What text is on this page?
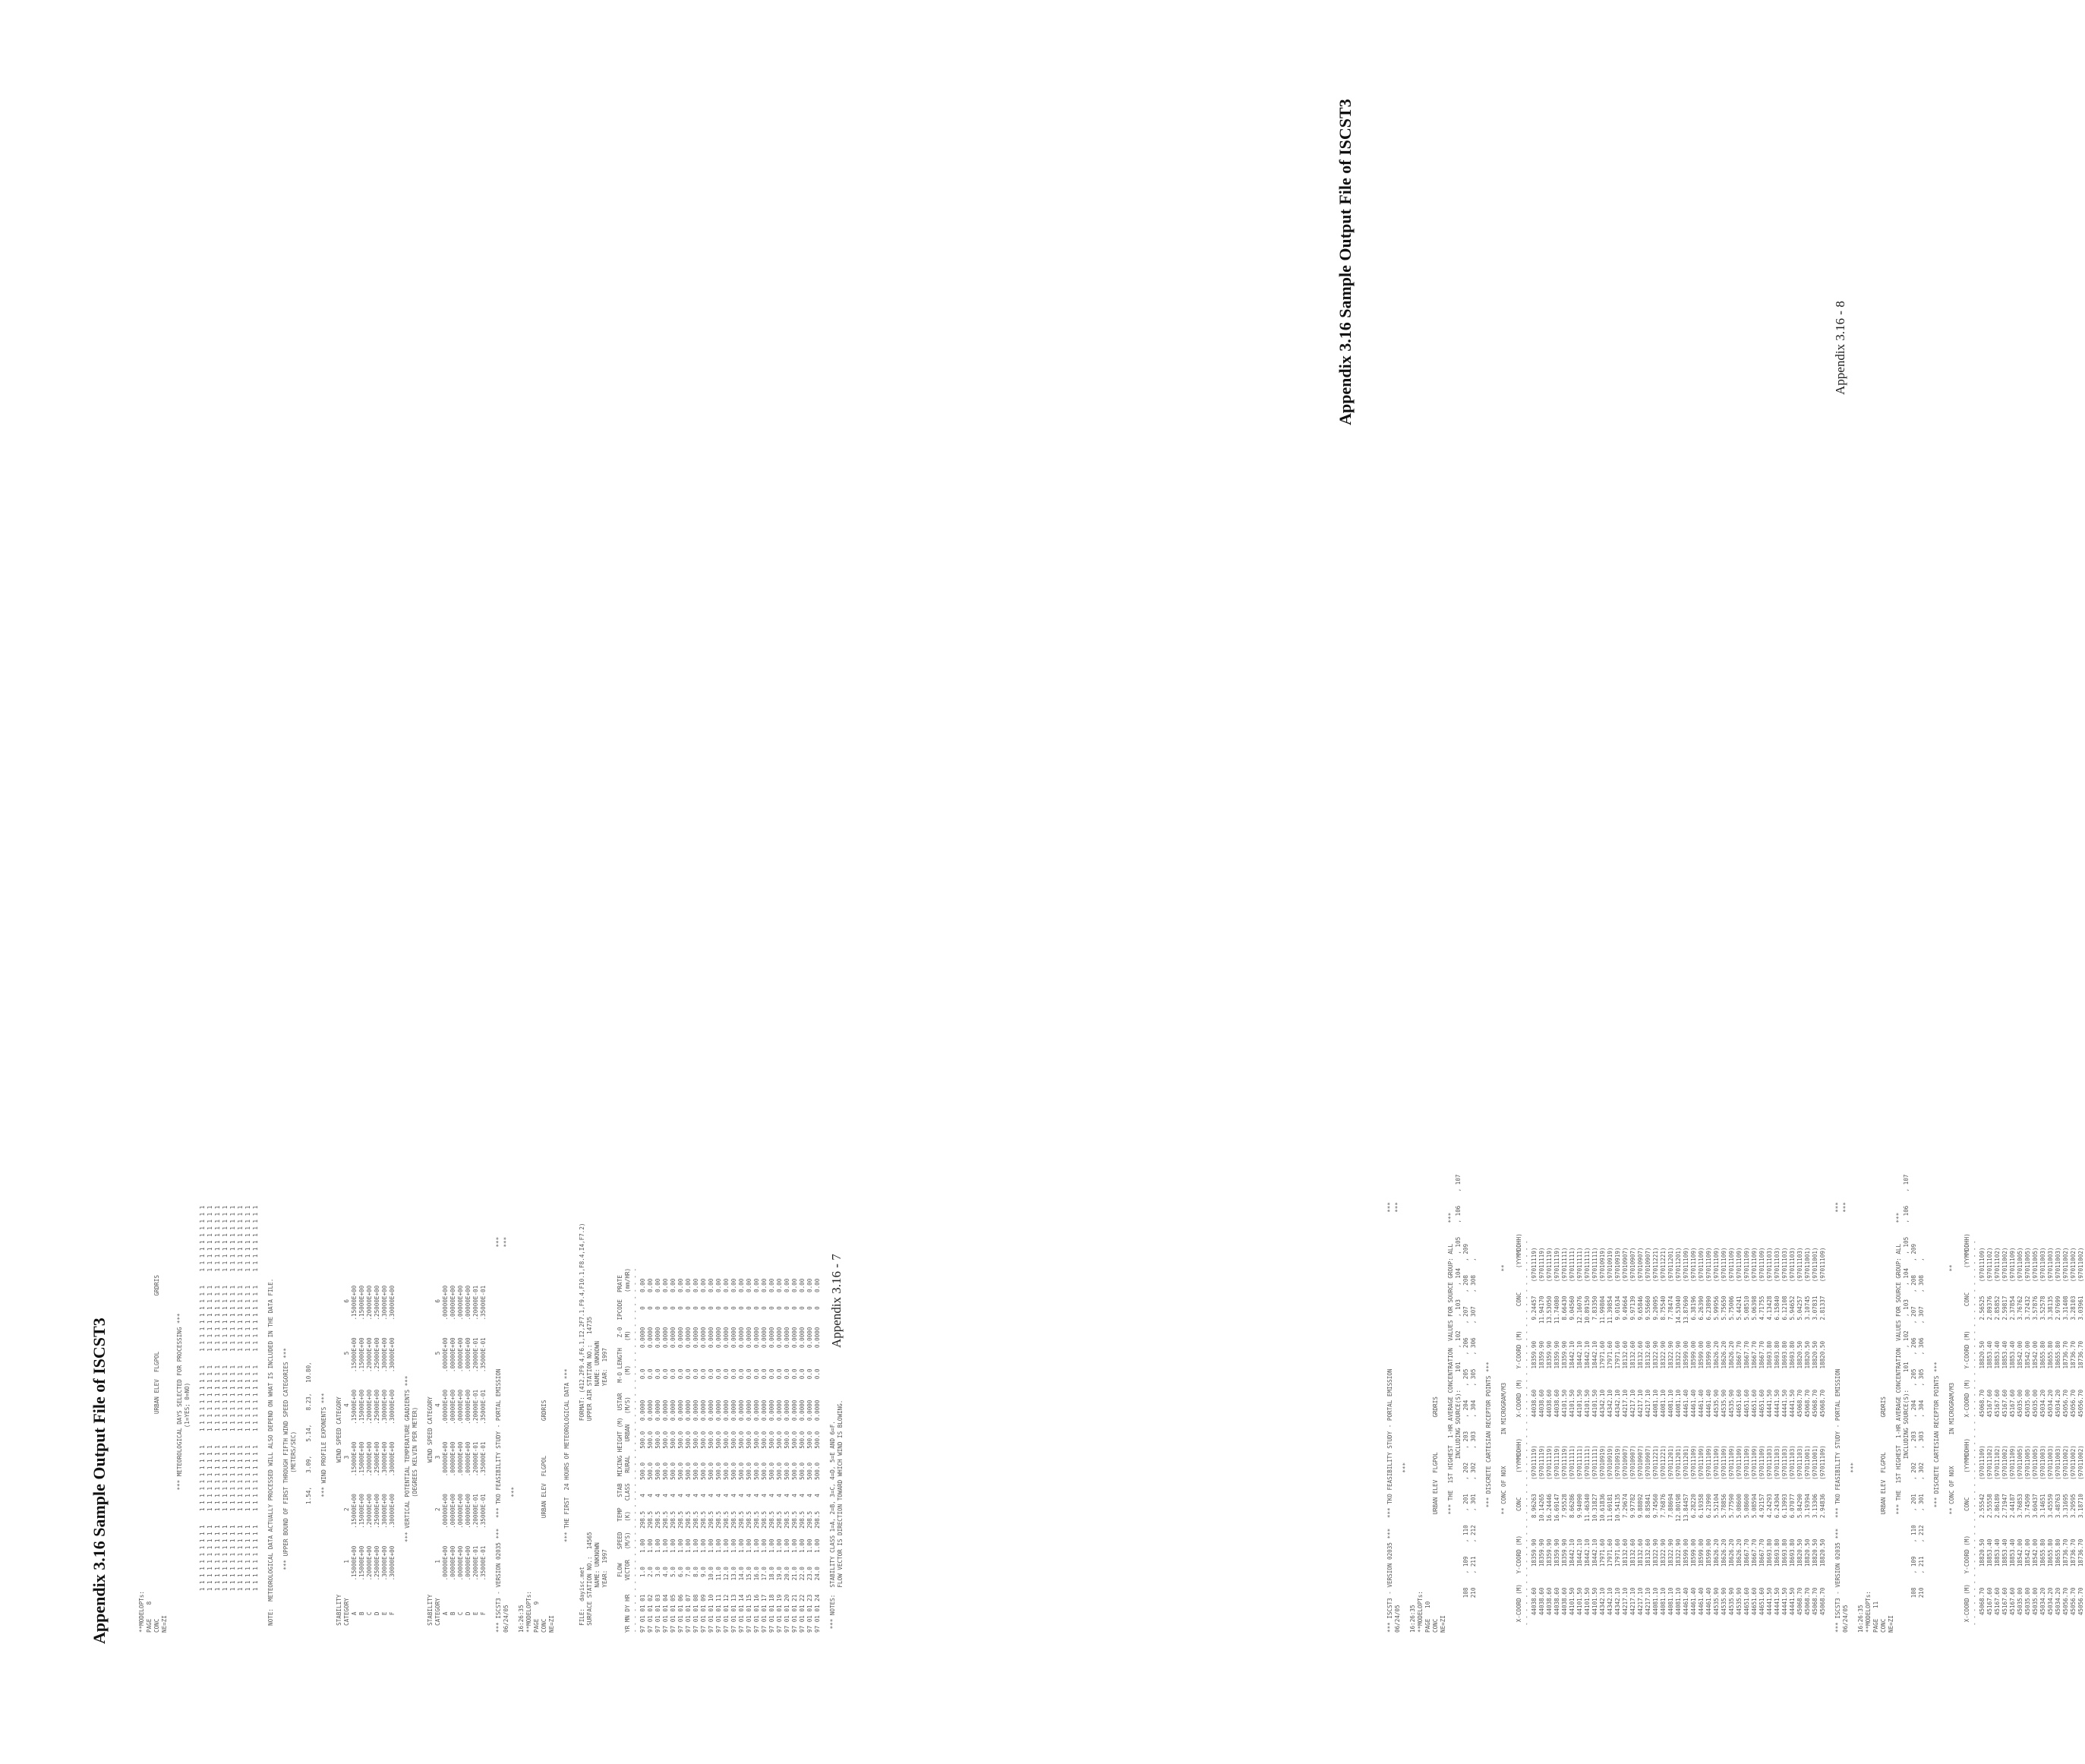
Appendix 3.16 Sample Output File of ISCST3	**MODELOPTs: PAGE    8 CONC                                                           URBAN ELEV  FLGPOL                GRDRIS NE=ZI
*** METEOROLOGICAL DAYS SELECTED FOR PROCESSING *** (1=YES; 0=NO)
1 1 1 1 1 1 1 1 1 1    1 1 1 1 1 1 1 1 1 1    1 1 1 1 1 1 1 1 1 1    1 1 1 1 1 1 1 1 1 1    1 1 1 1 1 1 1 1 1 1 1 1 1 1 1 1 1 1 1 1    1 1 1 1 1 1 1 1 1 1    1 1 1 1 1 1 1 1 1 1    1 1 1 1 1 1 1 1 1 1    1 1 1 1 1 1 1 1 1 1 1 1 1 1 1 1 1 1 1 1    1 1 1 1 1 1 1 1 1 1    1 1 1 1 1 1 1 1 1 1    1 1 1 1 1 1 1 1 1 1    1 1 1 1 1 1 1 1 1 1 1 1 1 1 1 1 1 1 1 1    1 1 1 1 1 1 1 1 1 1    1 1 1 1 1 1 1 1 1 1    1 1 1 1 1 1 1 1 1 1    1 1 1 1 1 1 1 1 1 1 1 1 1 1 1 1 1 1 1 1    1 1 1 1 1 1 1 1 1 1    1 1 1 1 1 1 1 1 1 1    1 1 1 1 1 1 1 1 1 1    1 1 1 1 1 1 1 1 1 1 1 1 1 1 1 1 1 1 1 1    1 1 1 1 1 1 1 1 1 1    1 1 1 1 1 1 1 1 1 1    1 1 1 1 1 1 1 1 1 1    1 1 1 1 1 1 1 1 1 1 1 1 1 1 1 1 1 1 1 1    1 1 1 1 1 1 1 1 1 1    1 1 1 1 1 1 1 1 1 1    1 1 1 1 1 1 1 1 1 1    1 1 1 1 1 1 1 1 1 1 1 1 1 1 1 1 1 1 1 1    1 1 1 1 1 1 1 1 1 1    1 1 1 1 1 1 1 1 1 1    1 1 1 1 1 1 1 1 1 1    1 1 1 1 1 1 1 1 1 1
NOTE:  METEOROLOGICAL DATA ACTUALLY PROCESSED WILL ALSO DEPEND ON WHAT IS INCLUDED IN THE DATA FILE.
*** UPPER BOUND OF FIRST THROUGH FIFTH WIND SPEED CATEGORIES *** (METERS/SEC)
1.54,    3.09,    5.14,    8.23,   10.80,
*** WIND PROFILE EXPONENTS ***
STABILITY                                      WIND SPEED CATEGORY CATEGORY          1              2              3              4              5              6 A         .15000E+00     .15000E+00     .15000E+00     .15000E+00     .15000E+00     .15000E+00 B         .15000E+00     .15000E+00     .15000E+00     .15000E+00     .15000E+00     .15000E+00 C         .20000E+00     .20000E+00     .20000E+00     .20000E+00     .20000E+00     .20000E+00 D         .25000E+00     .25000E+00     .25000E+00     .25000E+00     .25000E+00     .25000E+00 E         .30000E+00     .30000E+00     .30000E+00     .30000E+00     .30000E+00     .30000E+00 F         .30000E+00     .30000E+00     .30000E+00     .30000E+00     .30000E+00     .30000E+00
*** VERTICAL POTENTIAL TEMPERATURE GRADIENTS *** (DEGREES KELVIN PER METER)
STABILITY                                      WIND SPEED CATEGORY CATEGORY          1              2              3              4              5              6 A         .00000E+00     .00000E+00     .00000E+00     .00000E+00     .00000E+00     .00000E+00 B         .00000E+00     .00000E+00     .00000E+00     .00000E+00     .00000E+00     .00000E+00 C         .00000E+00     .00000E+00     .00000E+00     .00000E+00     .00000E+00     .00000E+00 D         .00000E+00     .00000E+00     .00000E+00     .00000E+00     .00000E+00     .00000E+00 E         .20000E-01     .20000E-01     .20000E-01     .20000E-01     .20000E-01     .20000E-01 F         .35000E-01     .35000E-01     .35000E-01     .35000E-01     .35000E-01     .35000E-01
*** ISCST3 - VERSION 02035 ***   *** TKO FEASIBILITY STUDY - PORTAL EMISSION                                   *** 06/24/05                                                                                                       *** *** 16:26:35 **MODELOPTs: PAGE    9 CONC                             URBAN ELEV  FLGPOL          GRDRIS NE=ZI
*** THE FIRST  24 HOURS OF METEOROLOGICAL DATA ***
FILE:  dayisc.met                                          FORMAT: (412,2F9.4,F6.1,I2,2F7.1,F9.4,F10.1,F8.4,I4,F7.2) SURFACE STATION NO.:  14565                                UPPER AIR STATION NO.:   14735 NAME: UNKNOWN                                             NAME: UNKNOWN YEAR:  1997                                               YEAR:  1997
FLOW    SPEED   TEMP   STAB  MIXING HEIGHT (M)  USTAR   M-O LENGTH   Z-0  IPCODE  PRATE YR MN DY HR    VECTOR   (M/S)   (K)   CLASS   RURAL    URBAN   (M/S)      (M)       (M)           (mm/HR) - - - - - - - - - - - - - - - - - - - - - - - - - - - - - - - - - - - - - - - - - - - - - - - - - - - - - 97 01 01 01     1.0    1.00   298.5    4    500.0    500.0   0.0000      0.0      0.0000     0    0.00 97 01 01 02     2.0    1.00   298.5    4    500.0    500.0   0.0000      0.0      0.0000     0    0.00 97 01 01 03     3.0    1.00   298.5    4    500.0    500.0   0.0000      0.0      0.0000     0    0.00 97 01 01 04     4.0    1.00   298.5    4    500.0    500.0   0.0000      0.0      0.0000     0    0.00 97 01 01 05     5.0    1.00   298.5    4    500.0    500.0   0.0000      0.0      0.0000     0    0.00 97 01 01 06     6.0    1.00   298.5    4    500.0    500.0   0.0000      0.0      0.0000     0    0.00 97 01 01 07     7.0    1.00   298.5    4    500.0    500.0   0.0000      0.0      0.0000     0    0.00 97 01 01 08     8.0    1.00   298.5    4    500.0    500.0   0.0000      0.0      0.0000     0    0.00 97 01 01 09     9.0    1.00   298.5    4    500.0    500.0   0.0000      0.0      0.0000     0    0.00 97 01 01 10    10.0    1.00   298.5    4    500.0    500.0   0.0000      0.0      0.0000     0    0.00 97 01 01 11    11.0    1.00   298.5    4    500.0    500.0   0.0000      0.0      0.0000     0    0.00 97 01 01 12    12.0    1.00   298.5    4    500.0    500.0   0.0000      0.0      0.0000     0    0.00 97 01 01 13    13.0    1.00   298.5    4    500.0    500.0   0.0000      0.0      0.0000     0    0.00 97 01 01 14    14.0    1.00   298.5    4    500.0    500.0   0.0000      0.0      0.0000     0    0.00 97 01 01 15    15.0    1.00   298.5    4    500.0    500.0   0.0000      0.0      0.0000     0    0.00 97 01 01 16    16.0    1.00   298.5    4    500.0    500.0   0.0000      0.0      0.0000     0    0.00 97 01 01 17    17.0    1.00   298.5    4    500.0    500.0   0.0000      0.0      0.0000     0    0.00 97 01 01 18    18.0    1.00   298.5    4    500.0    500.0   0.0000      0.0      0.0000     0    0.00 97 01 01 19    19.0    1.00   298.5    4    500.0    500.0   0.0000      0.0      0.0000     0    0.00 97 01 01 20    20.0    1.00   298.5    4    500.0    500.0   0.0000      0.0      0.0000     0    0.00 97 01 01 21    21.0    1.00   298.5    4    500.0    500.0   0.0000      0.0      0.0000     0    0.00 97 01 01 22    22.0    1.00   298.5    4    500.0    500.0   0.0000      0.0      0.0000     0    0.00 97 01 01 23    23.0    1.00   298.5    4    500.0    500.0   0.0000      0.0      0.0000     0    0.00 97 01 01 24    24.0    1.00   298.5    4    500.0    500.0   0.0000      0.0      0.0000     0    0.00
*** NOTES:  STABILITY CLASS 1=A, 2=B, 3=C, 4=D, 5=E AND 6=F. FLOW VECTOR IS DIRECTION TOWARD WHICH WIND IS BLOWING.
Appendix 3.16 - 7
Appendix 3.16 Sample Output File of ISCST3
*** ISCST3 - VERSION 02035 ***   *** TKO FEASIBILITY STUDY - PORTAL EMISSION                                             *** 06/24/05                                                                                                                 *** *** 16:26:35 **MODELOPTs: PAGE   10 CONC                              URBAN ELEV  FLGPOL          GRDRIS NE=ZI *** THE  1ST HIGHEST  1-HR AVERAGE CONCENTRATION  VALUES FOR SOURCE GROUP: ALL      *** INCLUDING SOURCE(S):     101    , 102    , 103    , 104    , 105    , 106    , 107 108    , 109    , 110    , 201    , 202    , 203    , 204    , 205    , 206    , 207    , 208    , 209 210    , 211    , 212    , 301    , 302    , 303    , 304    , 305    , 306    , 307    , 308    ,
*** DISCRETE CARTESIAN RECEPTOR POINTS ***
** CONC OF NOX         IN MICROGRAM/M3                                **
X-COORD (M)   Y-COORD (M)       CONC       (YYMMDDHH)      X-COORD (M)   Y-COORD (M)       CONC       (YYMMDDHH) - - - - - - - - - - - - - - - - - - - - - - - - - - - - - - - - - - - - - - - - - - - - - - - - - - - - - - - - 44038.60      18359.90      8.96263    (97011119)        44038.60      18359.90      9.24457    (97011119) 44038.60      18359.90     10.14265    (97011119)        44038.60      18359.90     11.94170    (97011119) 44038.60      18359.90     16.24446    (97011119)        44038.60      18359.90     13.53050    (97011119) 44038.60      18359.90     16.69147    (97011119)        44038.60      18359.90     11.74080    (97011119) 44038.60      18359.90      7.95528    (97011119)        44101.50      18359.90      8.66430    (97011111) 44101.50      18442.10      8.66286    (97011111)        44101.50      18442.10      9.04560    (97011111) 44101.50      18442.10      9.94090    (97011111)        44101.50      18442.10     12.16076    (97011111) 44101.50      18442.10     11.46340    (97011111)        44101.50      18442.10     10.89150    (97011111) 44101.50      18442.10     10.31827    (97011111)        44101.50      18442.10      7.83350    (97011111) 44342.10      17971.60     10.61836    (97010919)        44342.10      17971.60     11.99804    (97010919) 44342.10      17971.60     11.69181    (97010919)        44342.10      17971.60     11.39854    (97010919) 44342.10      17971.60     10.54135    (97010919)        44342.10      17971.60      9.01634    (97010919) 44217.10      18132.60      7.29674    (97010907)        44217.10      18132.60      9.49664    (97010907) 44217.10      18132.60      9.97782    (97010907)        44217.10      18132.60      9.97139    (97010907) 44217.10      18132.60      9.88892    (97010907)        44217.10      18132.60      9.65846    (97010907) 44217.10      18132.60      8.85841    (97010907)        44217.10      18132.60      9.55660    (97010907) 44081.10      18322.90      9.74560    (97011221)        44081.10      18322.90      9.20095    (97011221) 44081.10      18322.90      7.76876    (97011221)        44081.10      18322.90      8.75540    (97011221) 44081.10      18322.90      7.88694    (97011201)        44081.10      18322.90      7.78474    (97011201) 44081.10      18322.90     12.80198    (97011201)        44081.10      18322.90     14.53040    (97011201) 44461.40      18599.00     13.84457    (97011201)        44461.40      18599.00     13.87690    (97011109) 44461.40      18599.00      6.28220    (97011109)        44461.40      18599.00      6.38196    (97011109) 44461.40      18599.00      6.19358    (97011109)        44461.40      18599.00      6.26390    (97011109) 44461.40      18599.00      6.21990    (97011109)        44461.40      18599.00      6.23890    (97011109) 44535.90      18626.20      5.52104    (97011109)        44535.90      18626.20      5.99956    (97011109) 44535.90      18626.20      5.78856    (97011109)        44535.90      18626.20      5.75650    (97011109) 44535.90      18626.20      5.77590    (97011109)        44535.90      18626.20      5.75006    (97011109) 44535.90      18626.20      5.08600    (97011109)        44651.60      18667.70      5.44241    (97011109) 44651.60      18667.70      5.08600    (97011109)        44651.60      18667.70      5.08510    (97011109) 44651.60      18667.70      5.08594    (97011109)        44651.60      18667.70      5.06398    (97011109) 44651.60      18667.70      4.92157    (97011109)        44651.60      18667.70      4.71755    (97011109) 44441.50      18693.80      4.24293    (97011103)        44441.50      18693.80      4.13428    (97011103) 44441.50      18693.80      6.24304    (97011103)        44441.50      18693.80      6.15840    (97011103) 44441.50      18693.80      6.13993    (97011103)        44441.50      18693.80      6.12108    (97011103) 44441.50      18693.80      6.07077    (97011103)        44441.50      18693.80      5.94652    (97011103) 45068.70      18820.50      5.84290    (97011103)        45068.70      18820.50      5.04257    (97011103) 45068.70      18820.50      3.19394    (97011001)        45068.70      18820.50      3.10745    (97011001) 45068.70      18820.50      3.13306    (97011001)        45068.70      18820.50      3.07831    (97011001) 45068.70      18820.50      2.94836    (97011109)        45068.70      18820.50      2.81337    (97011109)
*** ISCST3 - VERSION 02035 ***   *** TKO FEASIBILITY STUDY - PORTAL EMISSION                                             *** 06/24/05                                                                                                                 *** *** 16:26:35 **MODELOPTs: PAGE   11 CONC                              URBAN ELEV  FLGPOL          GRDRIS NE=ZI *** THE  1ST HIGHEST  1-HR AVERAGE CONCENTRATION  VALUES FOR SOURCE GROUP: ALL      *** INCLUDING SOURCE(S):     101    , 102    , 103    , 104    , 105    , 106    , 107 108    , 109    , 110    , 201    , 202    , 203    , 204    , 205    , 206    , 207    , 208    , 209 210    , 211    , 212    , 301    , 302    , 303    , 304    , 305    , 306    , 307    , 308    ,
*** DISCRETE CARTESIAN RECEPTOR POINTS ***
** CONC OF NOX         IN MICROGRAM/M3                                **
X-COORD (M)   Y-COORD (M)       CONC       (YYMMDDHH)      X-COORD (M)   Y-COORD (M)       CONC       (YYMMDDHH) - - - - - - - - - - - - - - - - - - - - - - - - - - - - - - - - - - - - - - - - - - - - - - - - - - - - - - - - 45068.70      18820.50      2.55542    (97011109)        45068.70      18820.50      2.56525    (97011109) 45167.60      18853.40      2.55558    (97011102)        45167.60      18853.40      2.89376    (97011102) 45167.60      18853.40      2.86189    (97011102)        45167.60      18853.40      2.85852    (97011102) 45167.60      18853.40      2.71947    (97011002)        45167.60      18853.40      2.59817    (97011002) 45167.60      18853.40      2.44187    (97011109)        45167.60      18853.40      2.37854    (97011109) 45035.00      18542.00      3.76853    (97011005)        45035.00      18542.00      3.76762    (97011005) 45035.00      18542.00      3.74509    (97011005)        45035.00      18542.00      3.72432    (97011005) 45035.00      18542.00      3.60437    (97011005)        45035.00      18542.00      3.57876    (97011005) 45034.20      18655.80      3.14651    (97011003)        45034.20      18655.80      3.52578    (97011003) 45034.20      18655.80      3.45559    (97011003)        45034.20      18655.80      3.38135    (97011003) 45034.20      18655.80      3.48763    (97011003)        45034.20      18655.80      2.97699    (97011003) 45056.70      18736.70      3.31695    (97011002)        45056.70      18736.70      3.31408    (97011002) 45056.70      18736.70      3.29595    (97011002)        45056.70      18736.70      3.28103    (97011002) 45056.70      18736.70      3.18710    (97011002)        45056.70      18736.70      3.03961    (97011002)
Appendix 3.16 - 8
